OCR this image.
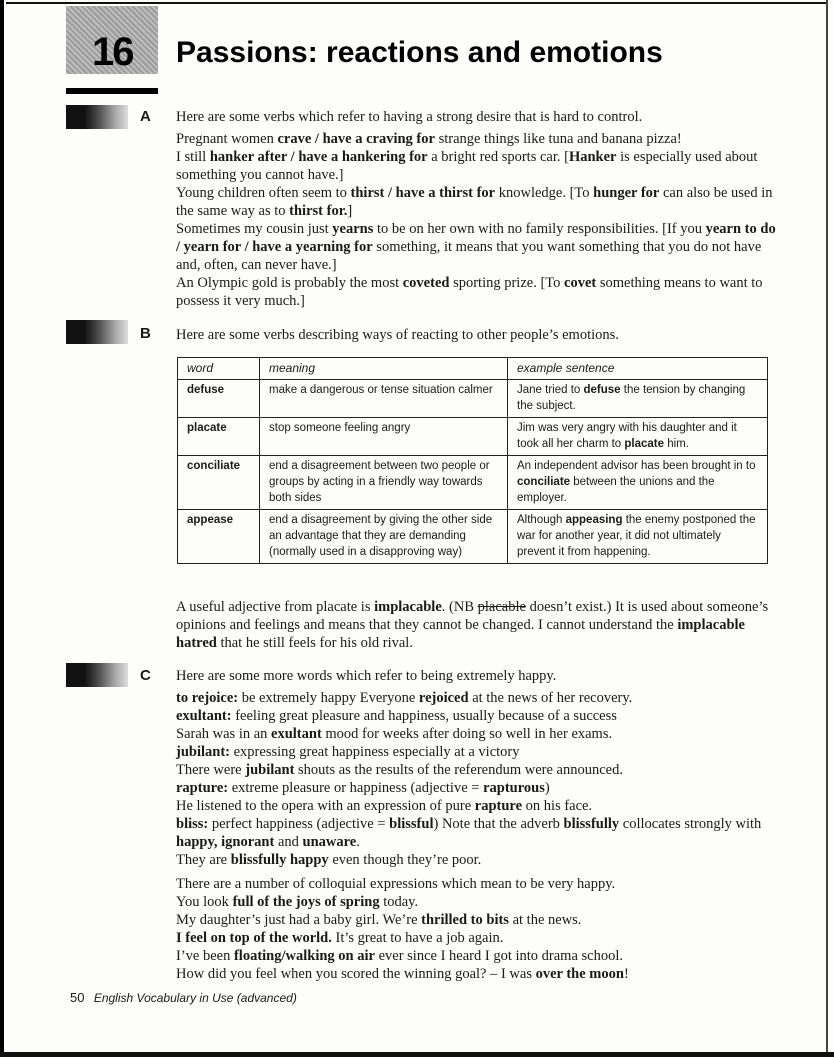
16 Passions: reactions and emotions
A Here are some verbs which refer to having a strong desire that is hard to control.

Pregnant women crave / have a craving for strange things like tuna and banana pizza!

I still hanker after / have a hankering for a bright red sports car. [Hanker is especially used about something you cannot have.]

Young children often seem to thirst / have a thirst for knowledge. [To hunger for can also be used in the same way as to thirst for.]

Sometimes my cousin just yearns to be on her own with no family responsibilities. [If you yearn to do / yearn for / have a yearning for something, it means that you want something that you do not have and, often, can never have.]

An Olympic gold is probably the most coveted sporting prize. [To covet something means to want to possess it very much.]

B Here are some verbs describing ways of reacting to other people’s emotions.

word	meaning	example sentence
defuse	make a dangerous or tense situation calmer	Jane tried to defuse the tension by changing the subject.
placate	stop someone feeling angry	Jim was very angry with his daughter and it took all her charm to placate him.
conciliate	end a disagreement between two people or groups by acting in a friendly way towards both sides	An independent advisor has been brought in to conciliate between the unions and the employer.
appease	end a disagreement by giving the other side an advantage that they are demanding (normally used in a disapproving way)	Although appeasing the enemy postponed the war for another year, it did not ultimately prevent it from happening.

A useful adjective from placate is implacable. (NB placable doesn’t exist.) It is used about someone’s opinions and feelings and means that they cannot be changed. I cannot understand the implacable hatred that he still feels for his old rival.

C Here are some more words which refer to being extremely happy.

to rejoice: be extremely happy Everyone rejoiced at the news of her recovery.

exultant: feeling great pleasure and happiness, usually because of a success

Sarah was in an exultant mood for weeks after doing so well in her exams.

jubilant: expressing great happiness especially at a victory

There were jubilant shouts as the results of the referendum were announced.

rapture: extreme pleasure or happiness (adjective = rapturous)

He listened to the opera with an expression of pure rapture on his face.

bliss: perfect happiness (adjective = blissful) Note that the adverb blissfully collocates strongly with happy, ignorant and unaware.

They are blissfully happy even though they’re poor.

There are a number of colloquial expressions which mean to be very happy.

You look full of the joys of spring today.

My daughter’s just had a baby girl. We’re thrilled to bits at the news.

I feel on top of the world. It’s great to have a job again.

I’ve been floating/walking on air ever since I heard I got into drama school.

How did you feel when you scored the winning goal? – I was over the moon!

50 English Vocabulary in Use (advanced)
